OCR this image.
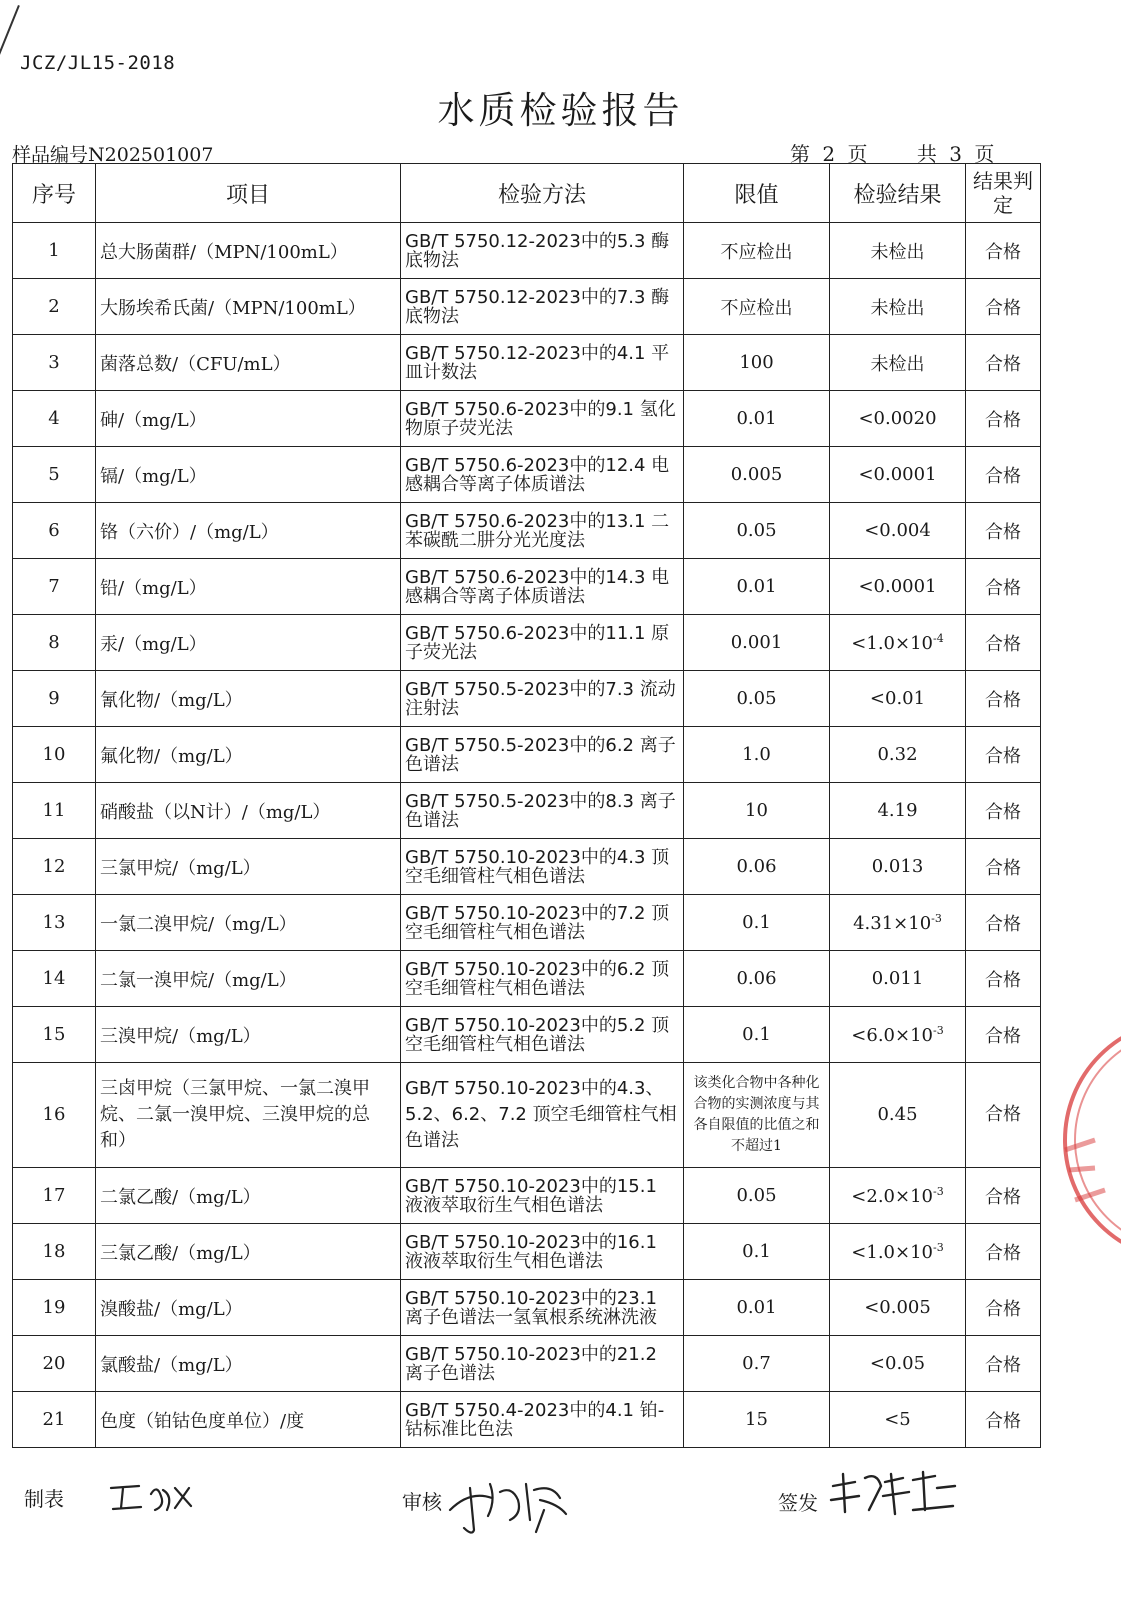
JCZ/JL15-2018
水质检验报告
样品编号N202501007	第 2 页 共 3 页
序号	项目	检验方法	限值	检验结果	结果判定
1	总大肠菌群/（MPN/100mL）	GB/T 5750.12-2023中的5.3 酶底物法	不应检出	未检出	合格
2	大肠埃希氏菌/（MPN/100mL）	GB/T 5750.12-2023中的7.3 酶底物法	不应检出	未检出	合格
3	菌落总数/（CFU/mL）	GB/T 5750.12-2023中的4.1 平皿计数法	100	未检出	合格
4	砷/（mg/L）	GB/T 5750.6-2023中的9.1 氢化物原子荧光法	0.01	<0.0020	合格
5	镉/（mg/L）	GB/T 5750.6-2023中的12.4 电感耦合等离子体质谱法	0.005	<0.0001	合格
6	铬（六价）/（mg/L）	GB/T 5750.6-2023中的13.1 二苯碳酰二肼分光光度法	0.05	<0.004	合格
7	铅/（mg/L）	GB/T 5750.6-2023中的14.3 电感耦合等离子体质谱法	0.01	<0.0001	合格
8	汞/（mg/L）	GB/T 5750.6-2023中的11.1 原子荧光法	0.001	$<1.0\times 10^{-4}$	合格
9	氰化物/（mg/L）	GB/T 5750.5-2023中的7.3 流动注射法	0.05	<0.01	合格
10	氟化物/（mg/L）	GB/T 5750.5-2023中的6.2 离子色谱法	1.0	0.32	合格
11	硝酸盐（以N计）/（mg/L）	GB/T 5750.5-2023中的8.3 离子色谱法	10	4.19	合格
12	三氯甲烷/（mg/L）	GB/T 5750.10-2023中的4.3 顶空毛细管柱气相色谱法	0.06	0.013	合格
13	一氯二溴甲烷/（mg/L）	GB/T 5750.10-2023中的7.2 顶空毛细管柱气相色谱法	0.1	$4.31\times 10^{-3}$	合格
14	二氯一溴甲烷/（mg/L）	GB/T 5750.10-2023中的6.2 顶空毛细管柱气相色谱法	0.06	0.011	合格
15	三溴甲烷/（mg/L）	GB/T 5750.10-2023中的5.2 顶空毛细管柱气相色谱法	0.1	$<6.0\times 10^{-3}$	合格
16	三卤甲烷（三氯甲烷、一氯二溴甲烷、二氯一溴甲烷、三溴甲烷的总和）	GB/T 5750.10-2023中的4.3、5.2、6.2、7.2 顶空毛细管柱气相色谱法	该类化合物中各种化合物的实测浓度与其各自限值的比值之和不超过1	0.45	合格
17	二氯乙酸/（mg/L）	GB/T 5750.10-2023中的15.1 液液萃取衍生气相色谱法	0.05	$<2.0\times 10^{-3}$	合格
18	三氯乙酸/（mg/L）	GB/T 5750.10-2023中的16.1 液液萃取衍生气相色谱法	0.1	$<1.0\times 10^{-3}$	合格
19	溴酸盐/（mg/L）	GB/T 5750.10-2023中的23.1 离子色谱法一氢氧根系统淋洗液	0.01	<0.005	合格
20	氯酸盐/（mg/L）	GB/T 5750.10-2023中的21.2 离子色谱法	0.7	<0.05	合格
21	色度（铂钴色度单位）/度	GB/T 5750.4-2023中的4.1 铂-钴标准比色法	15	<5	合格
制表	审核	签发
